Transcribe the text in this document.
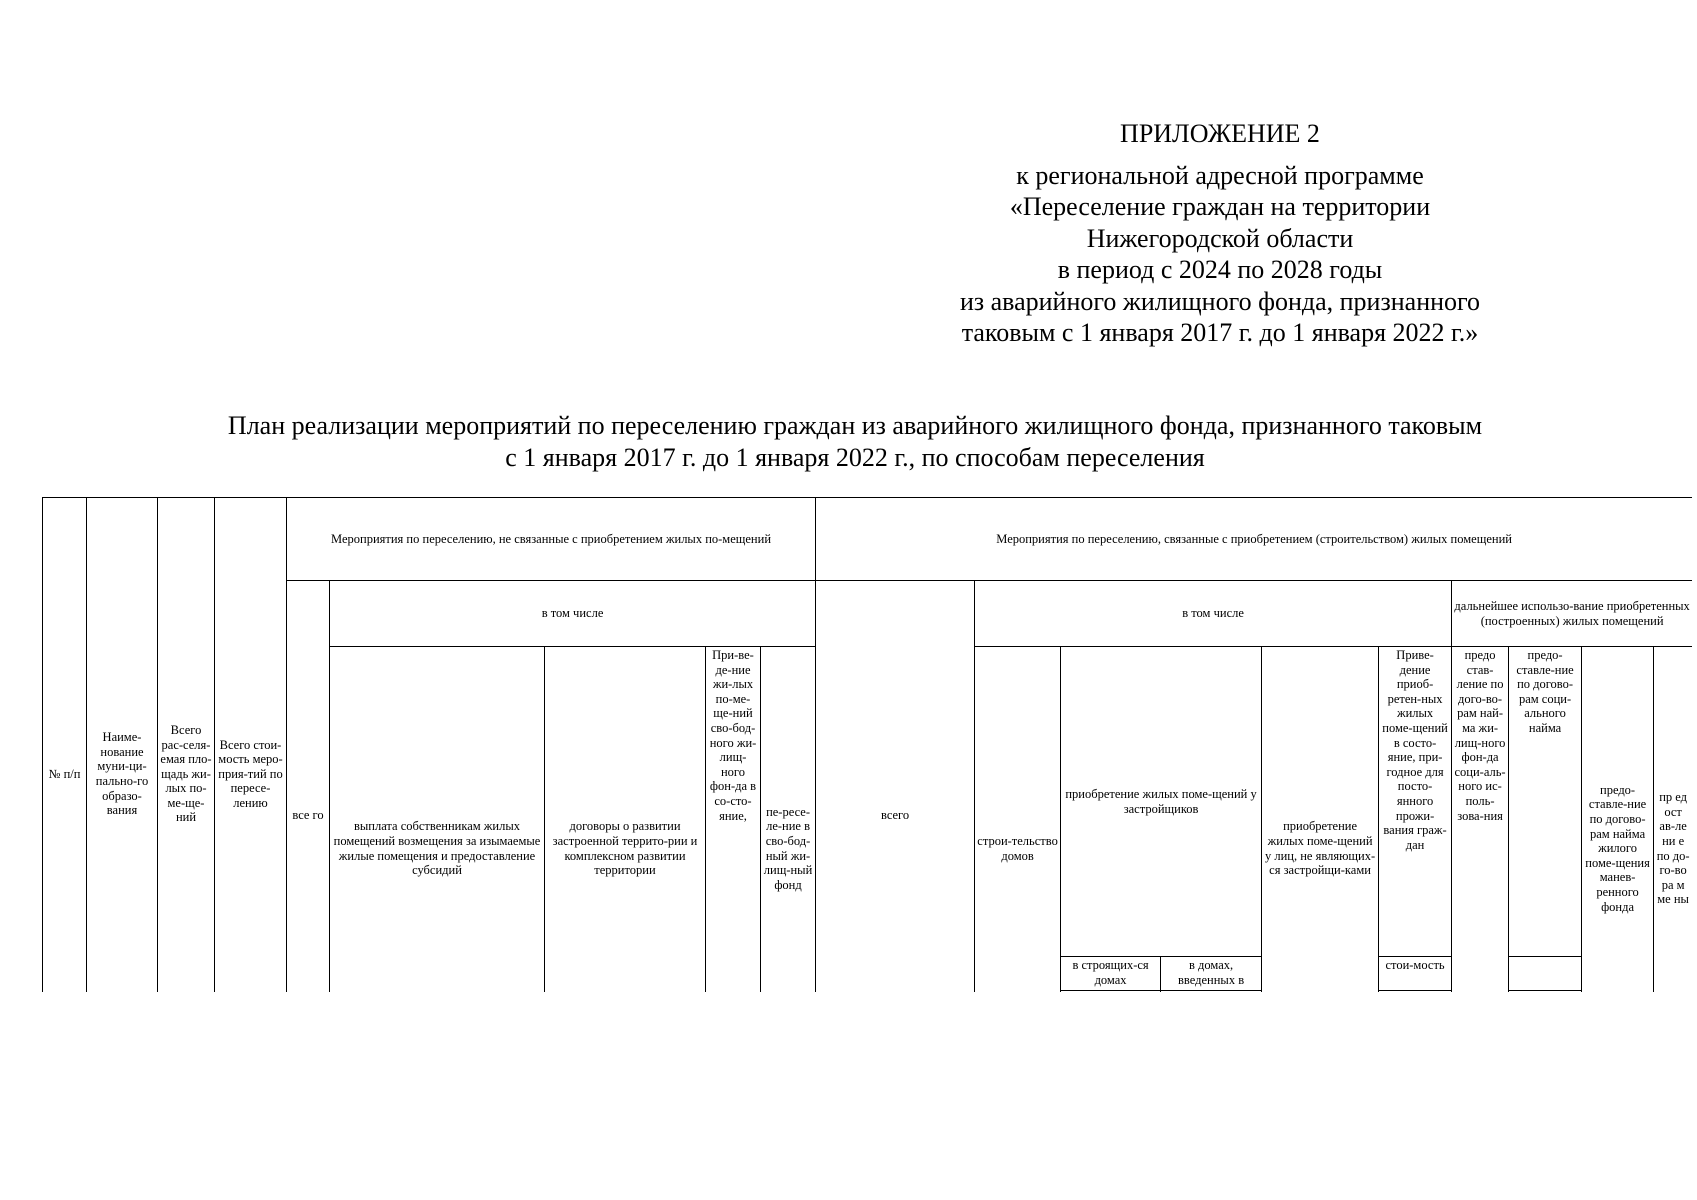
ПРИЛОЖЕНИЕ 2
к региональной адресной программе
«Переселение граждан на территории
Нижегородской области
в период с 2024 по 2028 годы
из аварийного жилищного фонда, признанного
таковым с 1 января 2017 г. до 1 января 2022 г.»
План реализации мероприятий по переселению граждан из аварийного жилищного фонда, признанного таковым
с 1 января 2017 г. до 1 января 2022 г., по способам переселения
№ п/п	Наиме-нование муни-ци-пально-го образо-вания	Всего рас-селя-емая пло-щадь жи-лых по-ме-ще-ний	Всего стои-мость меро-прия-тий по пересе-лению	Мероприятия по переселению, не связанные с приобретением жилых по-мещений					Мероприятия по переселению, связанные с приобретением (строительством) жилых помещений									
				все го	в том числе				всего	в том числе					дальнейшее использо-вание приобретенных (построенных) жилых помещений			
					выплата собственникам жилых помещений возмещения за изымаемые жилые помещения и предоставление субсидий	договоры о развитии застроенной террито-рии и комплексном развитии территории	При-ве-де-ние жи-лых по-ме-ще-ний сво-бод-ного жи-лищ-ного фон-да в со-сто-яние,	пе-ресе-ле-ние в сво-бод-ный жи-лищ-ный фонд		строи-тельство домов	приобретение жилых поме-щений у застройщиков		приобретение жилых поме-щений у лиц, не являющих-ся застройщи-ками	Приве-дение приоб-ретен-ных жилых поме-щений в состо-яние, при-годное для посто-янного прожи-вания граж-дан	предо став-ление по дого-во-рам най-ма жи-лищ-ного фон-да соци-аль-ного ис-поль-зова-ния	предо-ставле-ние по догово-рам соци-ального найма	предо-ставле-ние по догово-рам найма жилого поме-щения манев-ренного фонда	пр ед ост ав-ле ни е по до-го-во ра м ме ны
											в строящих-ся домах	в домах, введенных в		стои-мость				
